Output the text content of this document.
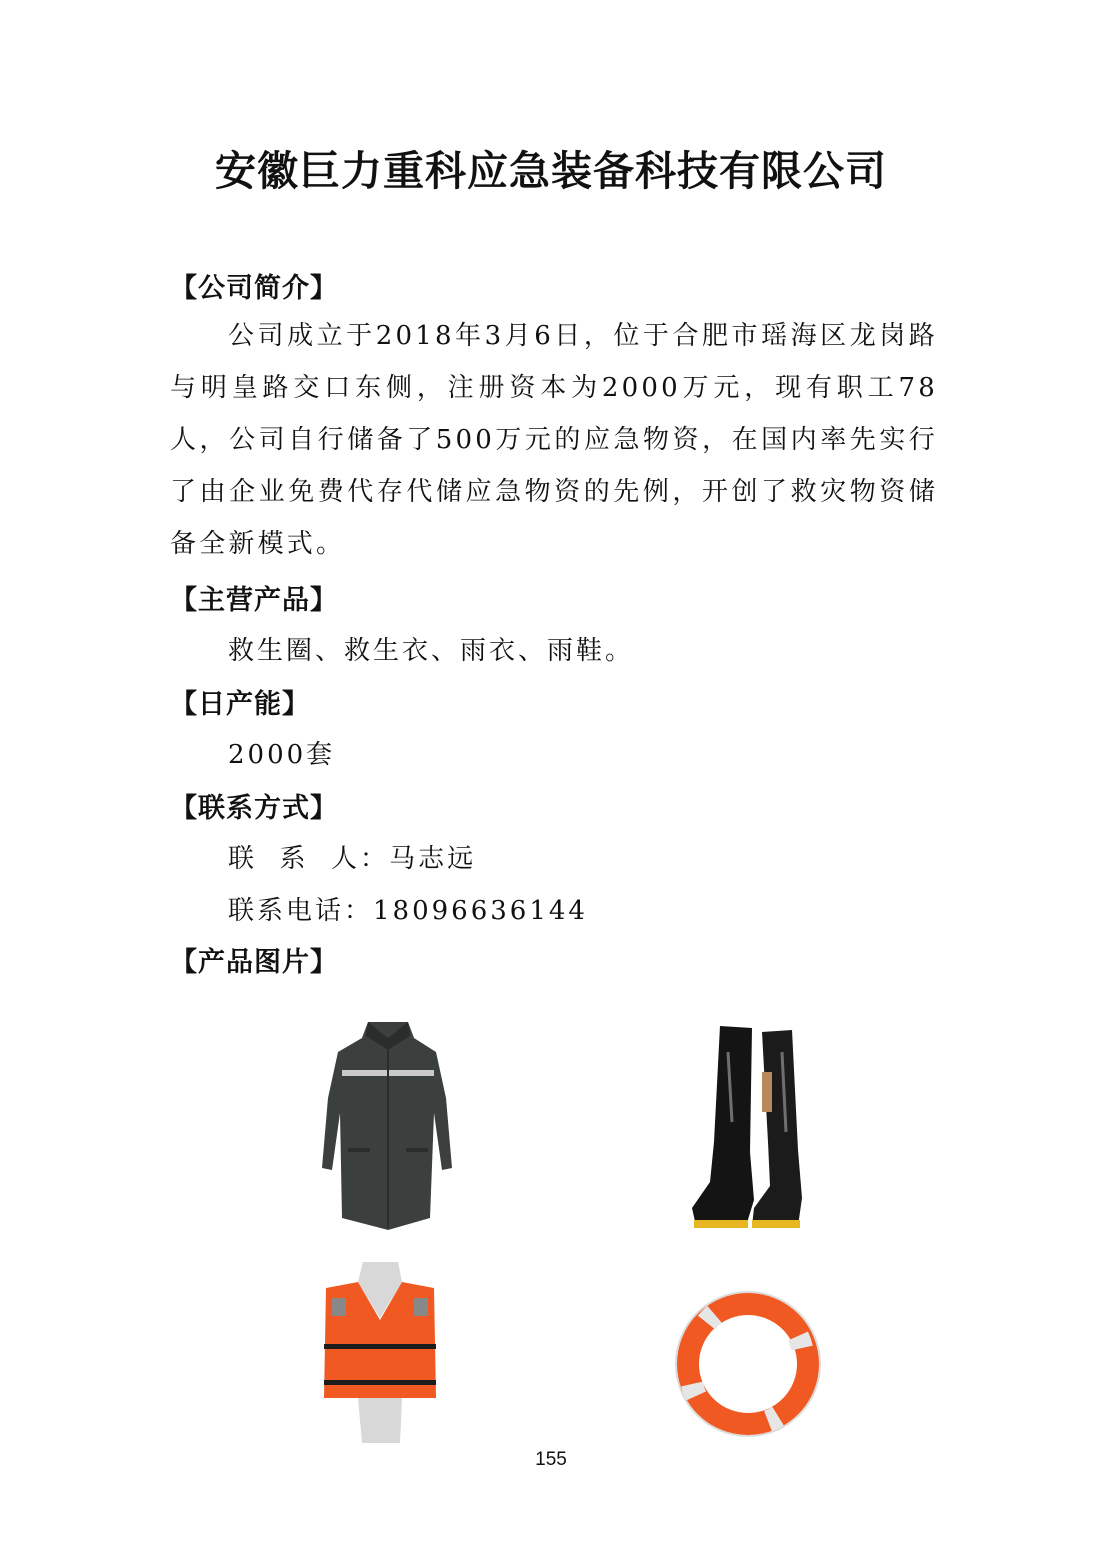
安徽巨力重科应急装备科技有限公司
【公司简介】
公司成立于2018年3月6日，位于合肥市瑶海区龙岗路与明皇路交口东侧，注册资本为2000万元，现有职工78人，公司自行储备了500万元的应急物资，在国内率先实行了由企业免费代存代储应急物资的先例，开创了救灾物资储备全新模式。
【主营产品】
救生圈、救生衣、雨衣、雨鞋。
【日产能】
2000套
【联系方式】
联  系  人：马志远
联系电话：18096636144
【产品图片】
155
